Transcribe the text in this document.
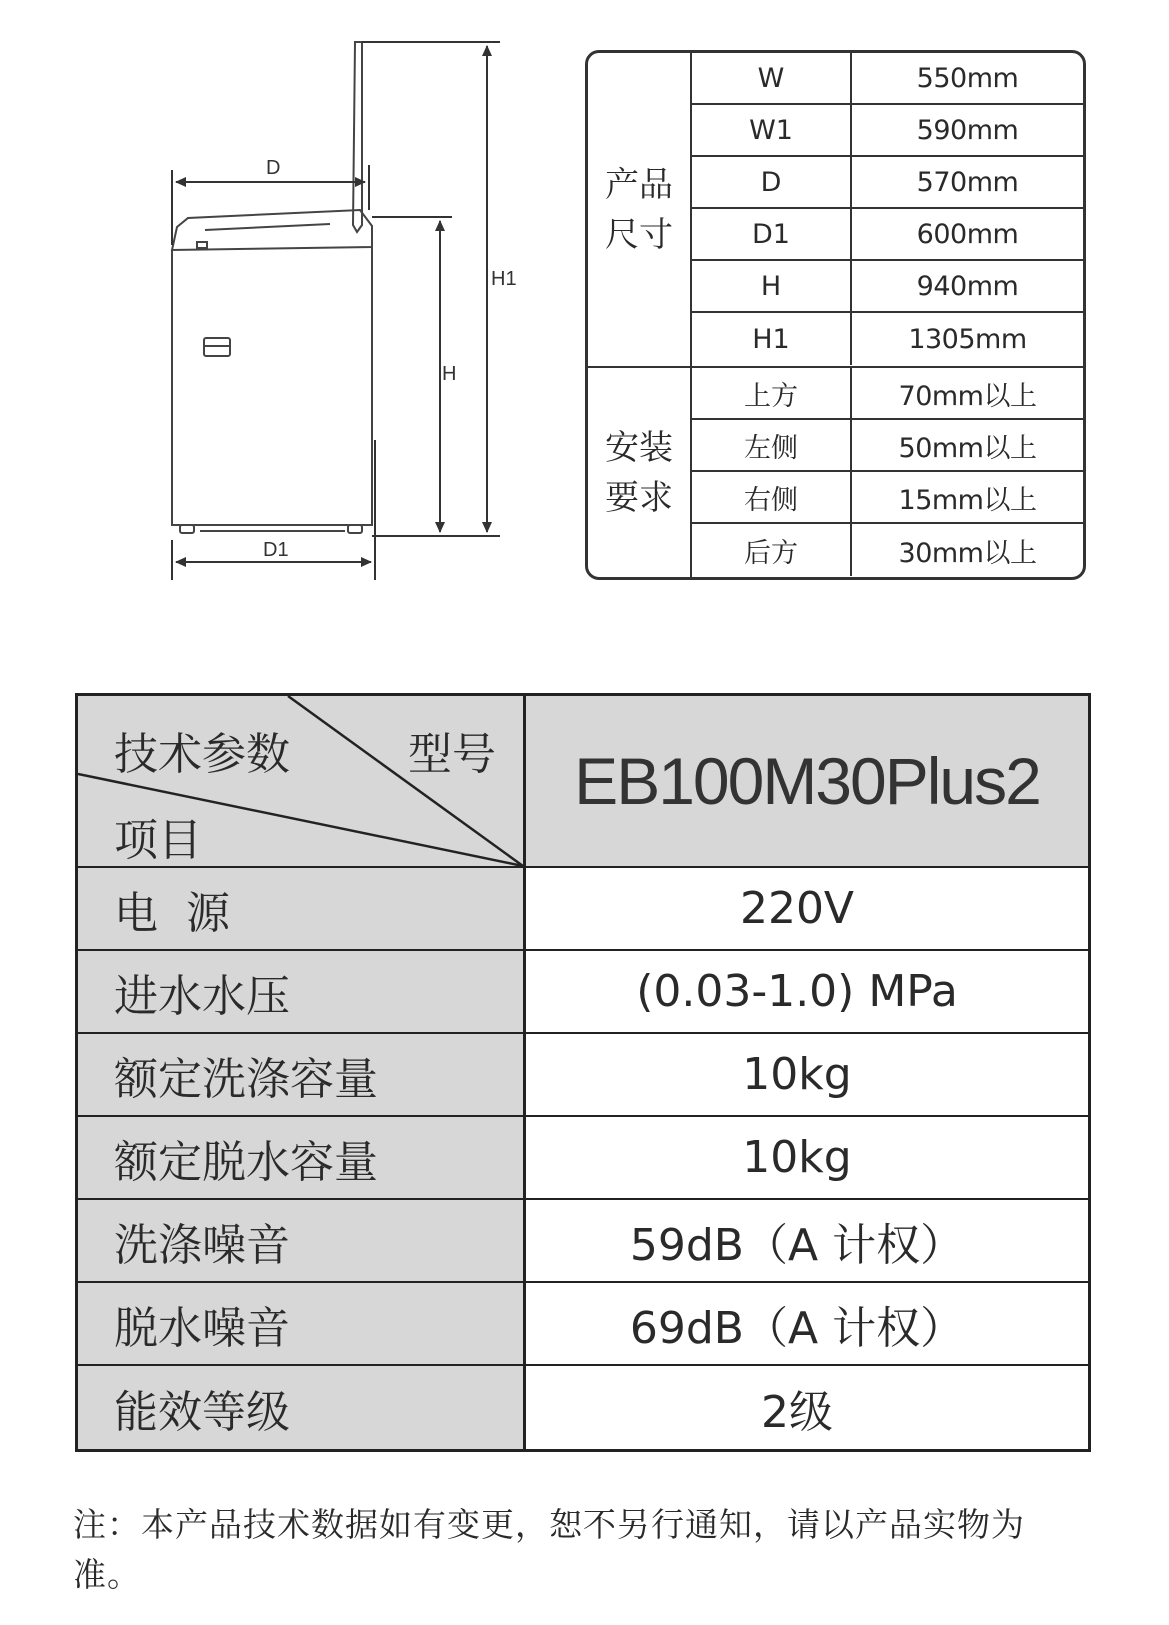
D
D1
H
H1
产品尺寸
W	550mm
W1	590mm
D	570mm
D1	600mm
H	940mm
H1	1305mm
安装要求
上方	70mm以上
左侧	50mm以上
右侧	15mm以上
后方	30mm以上
技术参数	型号
项目
EB100M30Plus2
电  源	220V
进水水压	(0.03-1.0) MPa
额定洗涤容量	10kg
额定脱水容量	10kg
洗涤噪音	59dB（A 计权）
脱水噪音	69dB（A 计权）
能效等级	2级
注：本产品技术数据如有变更，恕不另行通知，请以产品实物为准。
